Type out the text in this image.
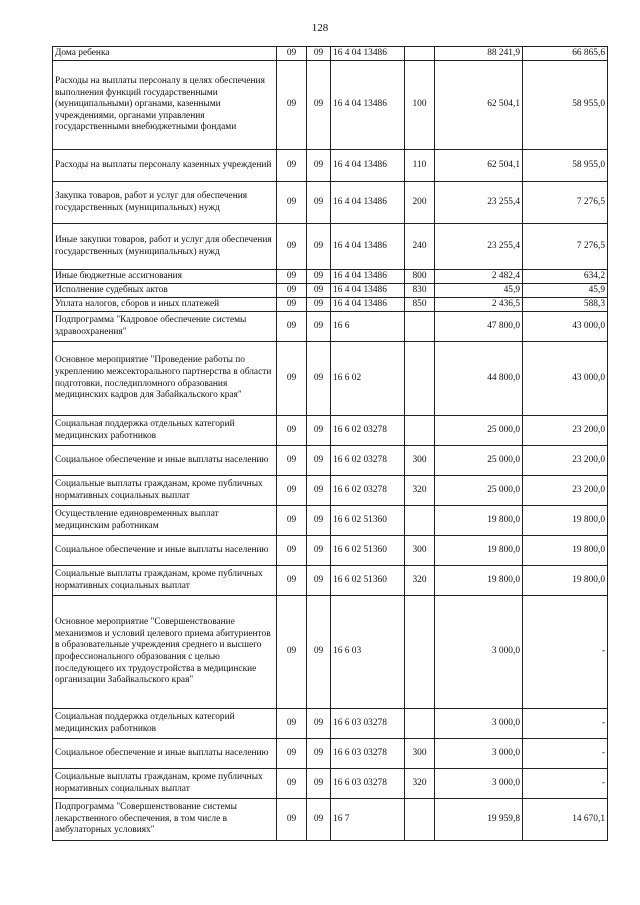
128
Дома ребенка	09	09	16 4 04 13486		88 241,9	66 865,6
Расходы на выплаты персоналу в целях обеспечения выполнения функций государственными (муниципальными) органами, казенными учреждениями, органами управления государственными внебюджетными фондами	09	09	16 4 04 13486	100	62 504,1	58 955,0
Расходы на выплаты персоналу казенных учреждений	09	09	16 4 04 13486	110	62 504,1	58 955,0
Закупка товаров, работ и услуг для обеспечения государственных (муниципальных) нужд	09	09	16 4 04 13486	200	23 255,4	7 276,5
Иные закупки товаров, работ и услуг для обеспечения государственных (муниципальных) нужд	09	09	16 4 04 13486	240	23 255,4	7 276,5
Иные бюджетные ассигнования	09	09	16 4 04 13486	800	2 482,4	634,2
Исполнение судебных актов	09	09	16 4 04 13486	830	45,9	45,9
Уплата налогов, сборов и иных платежей	09	09	16 4 04 13486	850	2 436,5	588,3
Подпрограмма "Кадровое обеспечение системы здравоохранения"	09	09	16 6		47 800,0	43 000,0
Основное мероприятие "Проведение работы по укреплению межсекторального партнерства в области подготовки, последипломного образования медицинских кадров для Забайкальского края"	09	09	16 6 02		44 800,0	43 000,0
Социальная поддержка отдельных категорий медицинских работников	09	09	16 6 02 03278		25 000,0	23 200,0
Социальное обеспечение и иные выплаты населению	09	09	16 6 02 03278	300	25 000,0	23 200,0
Социальные выплаты гражданам, кроме публичных нормативных социальных выплат	09	09	16 6 02 03278	320	25 000,0	23 200,0
Осуществление единовременных выплат медицинским работникам	09	09	16 6 02 51360		19 800,0	19 800,0
Социальное обеспечение и иные выплаты населению	09	09	16 6 02 51360	300	19 800,0	19 800,0
Социальные выплаты гражданам, кроме публичных нормативных социальных выплат	09	09	16 6 02 51360	320	19 800,0	19 800,0
Основное мероприятие "Совершенствование механизмов и условий целевого приема абитуриентов в образовательные учреждения среднего и высшего профессионального образования с целью последующего их трудоустройства в медицинские организации Забайкальского края"	09	09	16 6 03		3 000,0	-
Социальная поддержка отдельных категорий медицинских работников	09	09	16 6 03 03278		3 000,0	-
Социальное обеспечение и иные выплаты населению	09	09	16 6 03 03278	300	3 000,0	-
Социальные выплаты гражданам, кроме публичных нормативных социальных выплат	09	09	16 6 03 03278	320	3 000,0	-
Подпрограмма "Совершенствование системы лекарственного обеспечения, в том числе в амбулаторных условиях"	09	09	16 7		19 959,8	14 670,1
